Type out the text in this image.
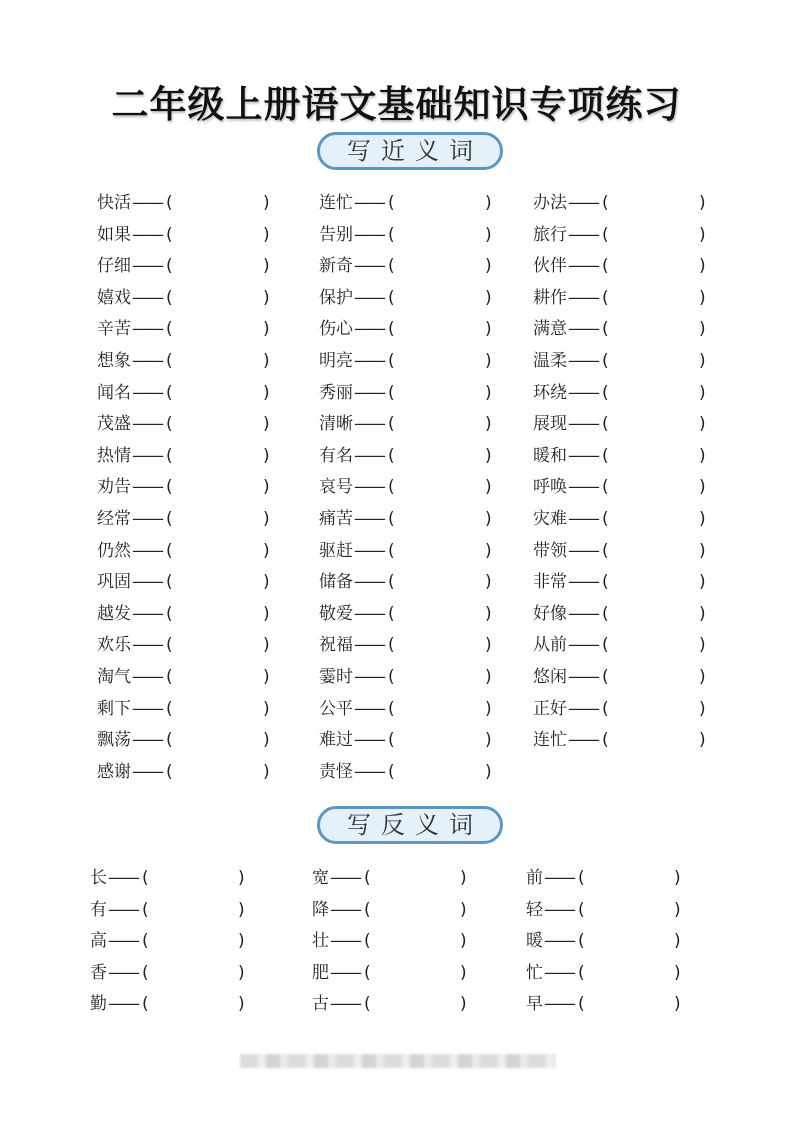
二年级上册语文基础知识专项练习
写近义词
写反义词
快活—— (	)
如果—— (	)
仔细—— (	)
嬉戏—— (	)
辛苦—— (	)
想象—— (	)
闻名—— (	)
茂盛—— (	)
热情—— (	)
劝告—— (	)
经常—— (	)
仍然—— (	)
巩固—— (	)
越发—— (	)
欢乐—— (	)
淘气—— (	)
剩下—— (	)
飘荡—— (	)
感谢—— (	)
连忙—— (	)
告别—— (	)
新奇—— (	)
保护—— (	)
伤心—— (	)
明亮—— (	)
秀丽—— (	)
清晰—— (	)
有名—— (	)
哀号—— (	)
痛苦—— (	)
驱赶—— (	)
储备—— (	)
敬爱—— (	)
祝福—— (	)
霎时—— (	)
公平—— (	)
难过—— (	)
责怪—— (	)
办法—— (	)
旅行—— (	)
伙伴—— (	)
耕作—— (	)
满意—— (	)
温柔—— (	)
环绕—— (	)
展现—— (	)
暖和—— (	)
呼唤—— (	)
灾难—— (	)
带领—— (	)
非常—— (	)
好像—— (	)
从前—— (	)
悠闲—— (	)
正好—— (	)
连忙—— (	)
长—— (	)
有—— (	)
高—— (	)
香—— (	)
勤—— (	)
宽—— (	)
降—— (	)
壮—— (	)
肥—— (	)
古—— (	)
前—— (	)
轻—— (	)
暖—— (	)
忙—— (	)
早—— (	)
